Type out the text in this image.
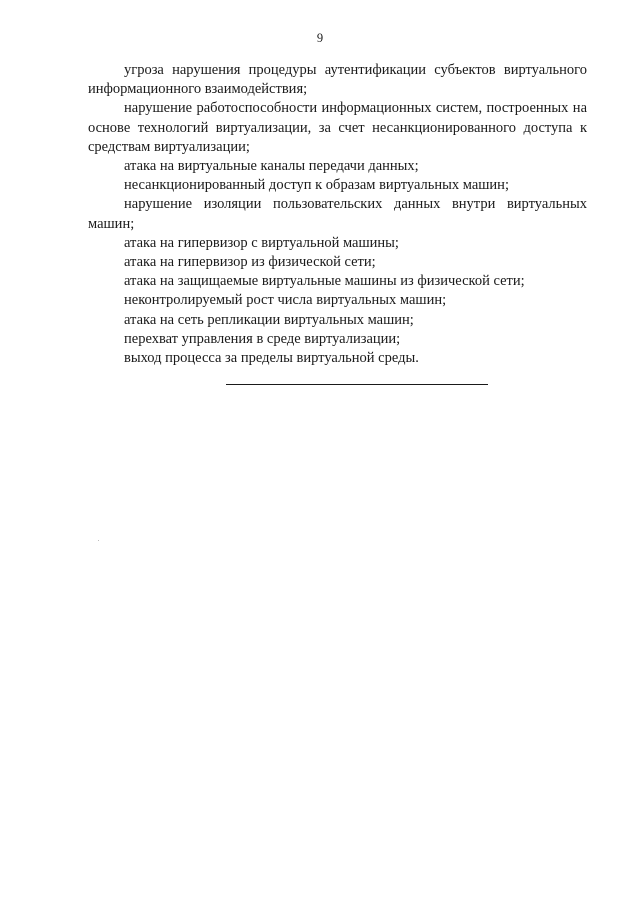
9

угроза нарушения процедуры аутентификации субъектов виртуального информационного взаимодействия;

нарушение работоспособности информационных систем, построенных на основе технологий виртуализации, за счет несанкционированного доступа к средствам виртуализации;

атака на виртуальные каналы передачи данных;

несанкционированный доступ к образам виртуальных машин;

нарушение изоляции пользовательских данных внутри виртуальных машин;

атака на гипервизор с виртуальной машины;

атака на гипервизор из физической сети;

атака на защищаемые виртуальные машины из физической сети;

неконтролируемый рост числа виртуальных машин;

атака на сеть репликации виртуальных машин;

перехват управления в среде виртуализации;

выход процесса за пределы виртуальной среды.
